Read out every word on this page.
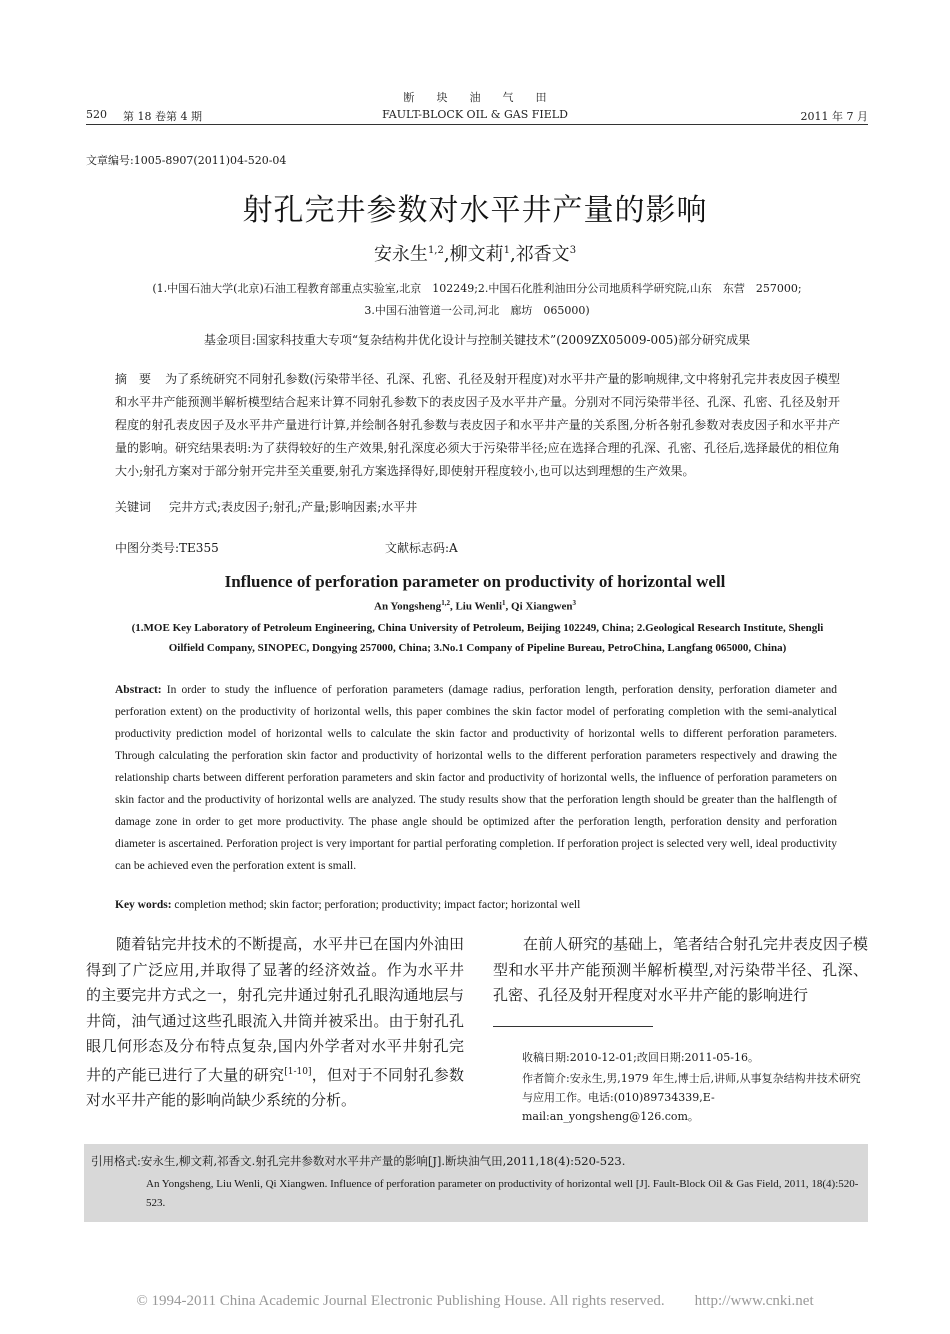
520 第 18 卷第 4 期
断　　块　　油　　气　　田
FAULT-BLOCK OIL & GAS FIELD	2011 年 7 月
文章编号:1005-8907(2011)04-520-04
射孔完井参数对水平井产量的影响
安永生$^{1,2}$,柳文莉$^1$,祁香文$^3$
(1.中国石油大学(北京)石油工程教育部重点实验室,北京　102249;2.中国石化胜利油田分公司地质科学研究院,山东　东营　257000;
3.中国石油管道一公司,河北　廊坊　065000)
基金项目:国家科技重大专项“复杂结构井优化设计与控制关键技术”(2009ZX05009-005)部分研究成果

摘　要 为了系统研究不同射孔参数(污染带半径、孔深、孔密、孔径及射开程度)对水平井产量的影响规律,文中将射孔完井表皮因子模型和水平井产能预测半解析模型结合起来计算不同射孔参数下的表皮因子及水平井产量。分别对不同污染带半径、孔深、孔密、孔径及射开程度的射孔表皮因子及水平井产量进行计算,并绘制各射孔参数与表皮因子和水平井产量的关系图,分析各射孔参数对表皮因子和水平井产量的影响。研究结果表明:为了获得较好的生产效果,射孔深度必须大于污染带半径;应在选择合理的孔深、孔密、孔径后,选择最优的相位角大小;射孔方案对于部分射开完井至关重要,射孔方案选择得好,即使射开程度较小,也可以达到理想的生产效果。

关键词 完井方式;表皮因子;射孔;产量;影响因素;水平井
中图分类号:TE355	文献标志码:A
Influence of perforation parameter on productivity of horizontal well
An Yongsheng$^{1,2}$, Liu Wenli$^1$, Qi Xiangwen$^3$
(1.MOE Key Laboratory of Petroleum Engineering, China University of Petroleum, Beijing 102249, China; 2.Geological Research Institute, Shengli Oilfield Company, SINOPEC, Dongying 257000, China; 3.No.1 Company of Pipeline Bureau, PetroChina, Langfang 065000, China)

Abstract: In order to study the influence of perforation parameters (damage radius, perforation length, perforation density, perforation diameter and perforation extent) on the productivity of horizontal wells, this paper combines the skin factor model of perforating completion with the semi-analytical productivity prediction model of horizontal wells to calculate the skin factor and productivity of horizontal wells to different perforation parameters. Through calculating the perforation skin factor and productivity of horizontal wells to the different perforation parameters respectively and drawing the relationship charts between different perforation parameters and skin factor and productivity of horizontal wells, the influence of perforation parameters on skin factor and the productivity of horizontal wells are analyzed. The study results show that the perforation length should be greater than the halflength of damage zone in order to get more productivity. The phase angle should be optimized after the perforation length, perforation density and perforation diameter is ascertained. Perforation project is very important for partial perforating completion. If perforation project is selected very well, ideal productivity can be achieved even the perforation extent is small.

Key words: completion method; skin factor; perforation; productivity; impact factor; horizontal well

随着钻完井技术的不断提高，水平井已在国内外油田得到了广泛应用,并取得了显著的经济效益。作为水平井的主要完井方式之一，射孔完井通过射孔孔眼沟通地层与井筒，油气通过这些孔眼流入井筒并被采出。由于射孔孔眼几何形态及分布特点复杂,国内外学者对水平井射孔完井的产能已进行了大量的研究[1-10]，但对于不同射孔参数对水平井产能的影响尚缺少系统的分析。

在前人研究的基础上，笔者结合射孔完井表皮因子模型和水平井产能预测半解析模型,对污染带半径、孔深、孔密、孔径及射开程度对水平井产能的影响进行

收稿日期:2010-12-01;改回日期:2011-05-16。
作者简介:安永生,男,1979 年生,博士后,讲师,从事复杂结构井技术研究与应用工作。电话:(010)89734339,E-mail:an_yongsheng@126.com。
引用格式:安永生,柳文莉,祁香文.射孔完井参数对水平井产量的影响[J].断块油气田,2011,18(4):520-523.
An Yongsheng, Liu Wenli, Qi Xiangwen. Influence of perforation parameter on productivity of horizontal well [J]. Fault-Block Oil & Gas Field, 2011, 18(4):520-523.
© 1994-2011 China Academic Journal Electronic Publishing House. All rights reserved.　　http://www.cnki.net
